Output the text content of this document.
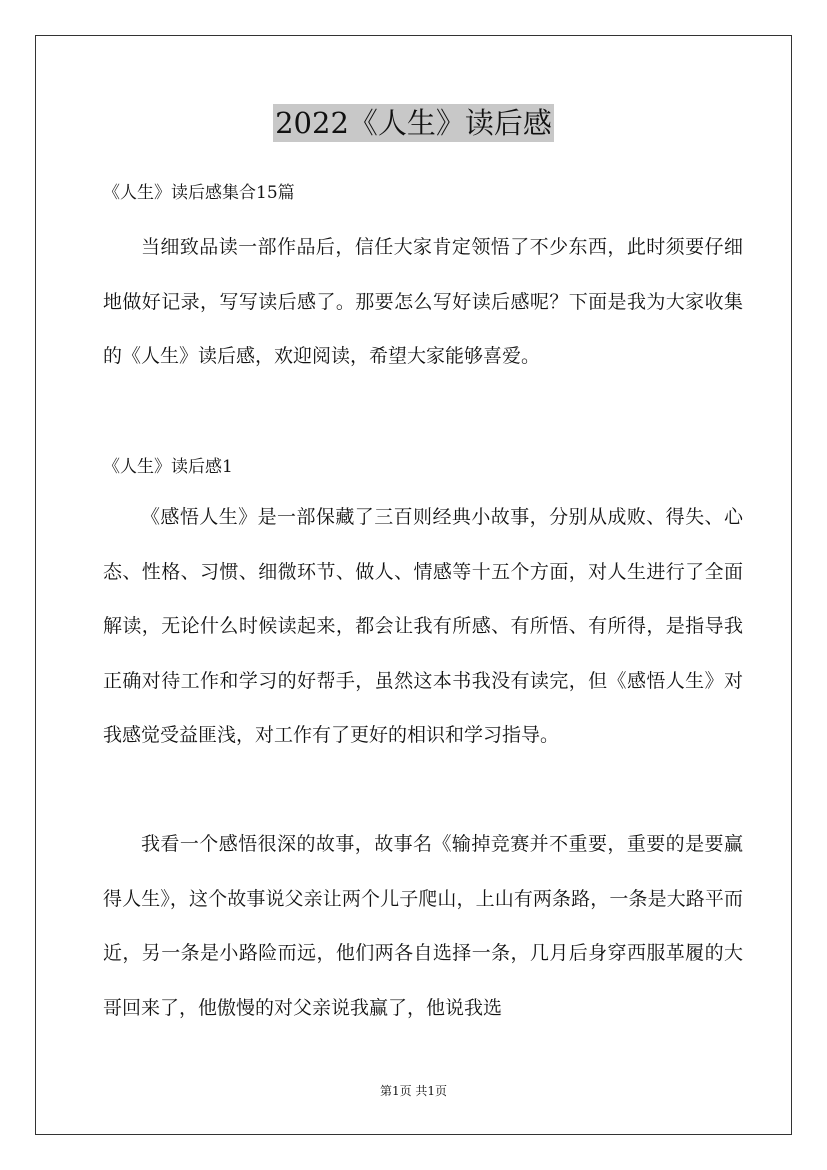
2022《人生》读后感

《人生》读后感集合15篇

当细致品读一部作品后，信任大家肯定领悟了不少东西，此时须要仔细地做好记录，写写读后感了。那要怎么写好读后感呢？下面是我为大家收集的《人生》读后感，欢迎阅读，希望大家能够喜爱。

《人生》读后感1

《感悟人生》是一部保藏了三百则经典小故事，分别从成败、得失、心态、性格、习惯、细微环节、做人、情感等十五个方面，对人生进行了全面解读，无论什么时候读起来，都会让我有所感、有所悟、有所得，是指导我正确对待工作和学习的好帮手，虽然这本书我没有读完，但《感悟人生》对我感觉受益匪浅，对工作有了更好的相识和学习指导。

我看一个感悟很深的故事，故事名《输掉竞赛并不重要，重要的是要赢得人生》，这个故事说父亲让两个儿子爬山，上山有两条路，一条是大路平而近，另一条是小路险而远，他们两各自选择一条，几月后身穿西服革履的大哥回来了，他傲慢的对父亲说我赢了，他说我选

第1页 共1页
